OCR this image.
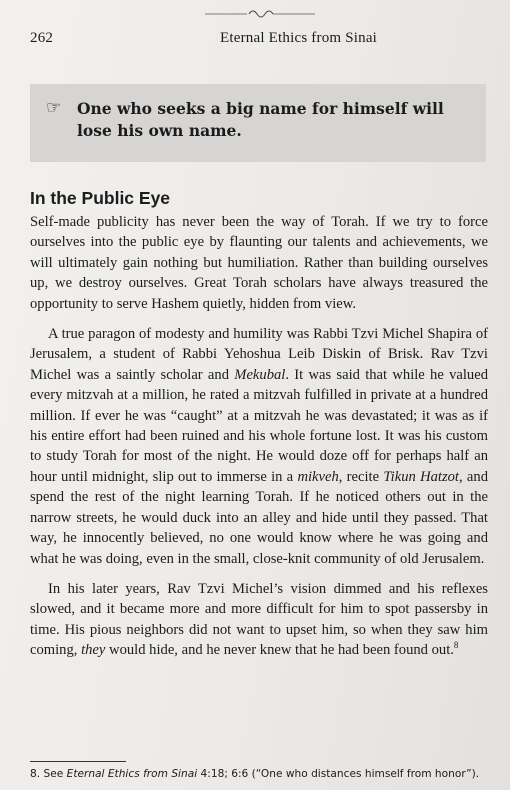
262	Eternal Ethics from Sinai
☞ One who seeks a big name for himself will lose his own name.
In the Public Eye

Self-made publicity has never been the way of Torah. If we try to force ourselves into the public eye by flaunting our talents and achievements, we will ultimately gain nothing but humiliation. Rather than building ourselves up, we destroy ourselves. Great Torah scholars have always treasured the opportunity to serve Hashem quietly, hidden from view.

A true paragon of modesty and humility was Rabbi Tzvi Michel Shapira of Jerusalem, a student of Rabbi Yehoshua Leib Diskin of Brisk. Rav Tzvi Michel was a saintly scholar and Mekubal. It was said that while he valued every mitzvah at a million, he rated a mitzvah fulfilled in private at a hundred million. If ever he was “caught” at a mitzvah he was devastated; it was as if his entire effort had been ruined and his whole fortune lost. It was his custom to study Torah for most of the night. He would doze off for perhaps half an hour until midnight, slip out to immerse in a mikveh, recite Tikun Hatzot, and spend the rest of the night learning Torah. If he noticed others out in the narrow streets, he would duck into an alley and hide until they passed. That way, he innocently believed, no one would know where he was going and what he was doing, even in the small, close-knit community of old Jerusalem.

In his later years, Rav Tzvi Michel’s vision dimmed and his reflexes slowed, and it became more and more difficult for him to spot passersby in time. His pious neighbors did not want to upset him, so when they saw him coming, they would hide, and he never knew that he had been found out.$^8$

8. See Eternal Ethics from Sinai 4:18; 6:6 (“One who distances himself from honor”).
